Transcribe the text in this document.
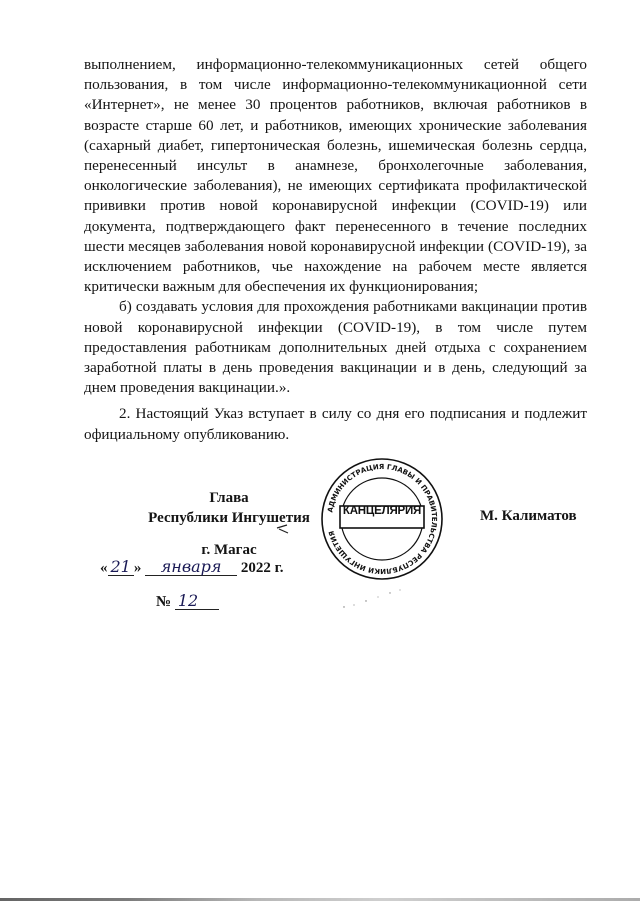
выполнением, информационно-телекоммуникационных сетей общего пользования, в том числе информационно-телекоммуникационной сети «Интернет», не менее 30 процентов работников, включая работников в возрасте старше 60 лет, и работников, имеющих хронические заболевания (сахарный диабет, гипертоническая болезнь, ишемическая болезнь сердца, перенесенный инсульт в анамнезе, бронхолегочные заболевания, онкологические заболевания), не имеющих сертификата профилактической прививки против новой коронавирусной инфекции (COVID-19) или документа, подтверждающего факт перенесенного в течение последних шести месяцев заболевания новой коронавирусной инфекции (COVID-19), за исключением работников, чье нахождение на рабочем месте является критически важным для обеспечения их функционирования;

б) создавать условия для прохождения работниками вакцинации против новой коронавирусной инфекции (COVID-19), в том числе путем предоставления работникам дополнительных дней отдыха с сохранением заработной платы в день проведения вакцинации и в день, следующий за днем проведения вакцинации.».

2. Настоящий Указ вступает в силу со дня его подписания и подлежит официальному опубликованию.

Глава
Республики Ингушетия
АДМИНИСТРАЦИЯ ГЛАВЫ И ПРАВИТЕЛЬСТВА РЕСПУБЛИКИ ИНГУШЕТИЯ
КАНЦЕЛЯРИЯ	М. Калиматов
г. Магас
« 21 » января 2022 г.
№ 12
